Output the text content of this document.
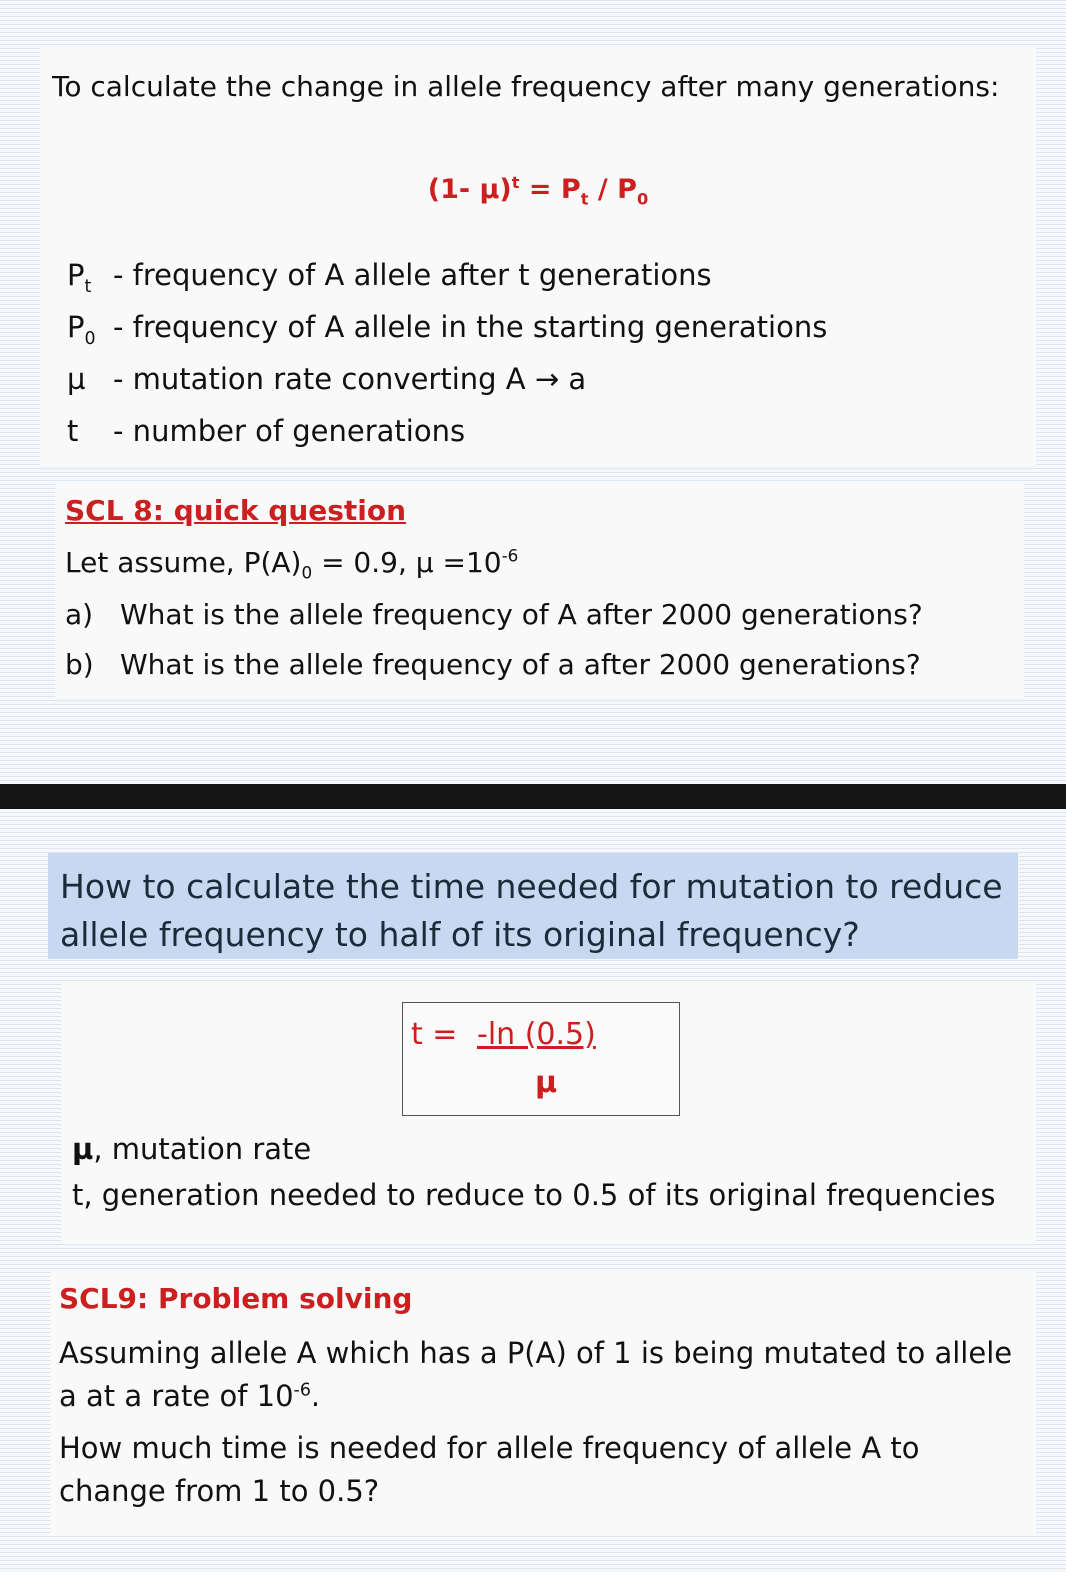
To calculate the change in allele frequency after many generations:
(1- $\mu)^t = P_t / P_0$
$P_t$ - frequency of A allele after t generations
$P_0$ - frequency of A allele in the starting generations
µ - mutation rate converting A → a
t - number of generations
SCL 8: quick question
Let assume, $P(A)_0 = 0.9$, $\mu =10^{-6}$
a) What is the allele frequency of A after 2000 generations?
b) What is the allele frequency of a after 2000 generations?
How to calculate the time needed for mutation to reduce allele frequency to half of its original frequency?
t = -ln (0.5)
µ
µ, mutation rate
t, generation needed to reduce to 0.5 of its original frequencies
SCL9: Problem solving
Assuming allele A which has a P(A) of 1 is being mutated to allele a at a rate of $10^{-6}$.
How much time is needed for allele frequency of allele A to change from 1 to 0.5?
